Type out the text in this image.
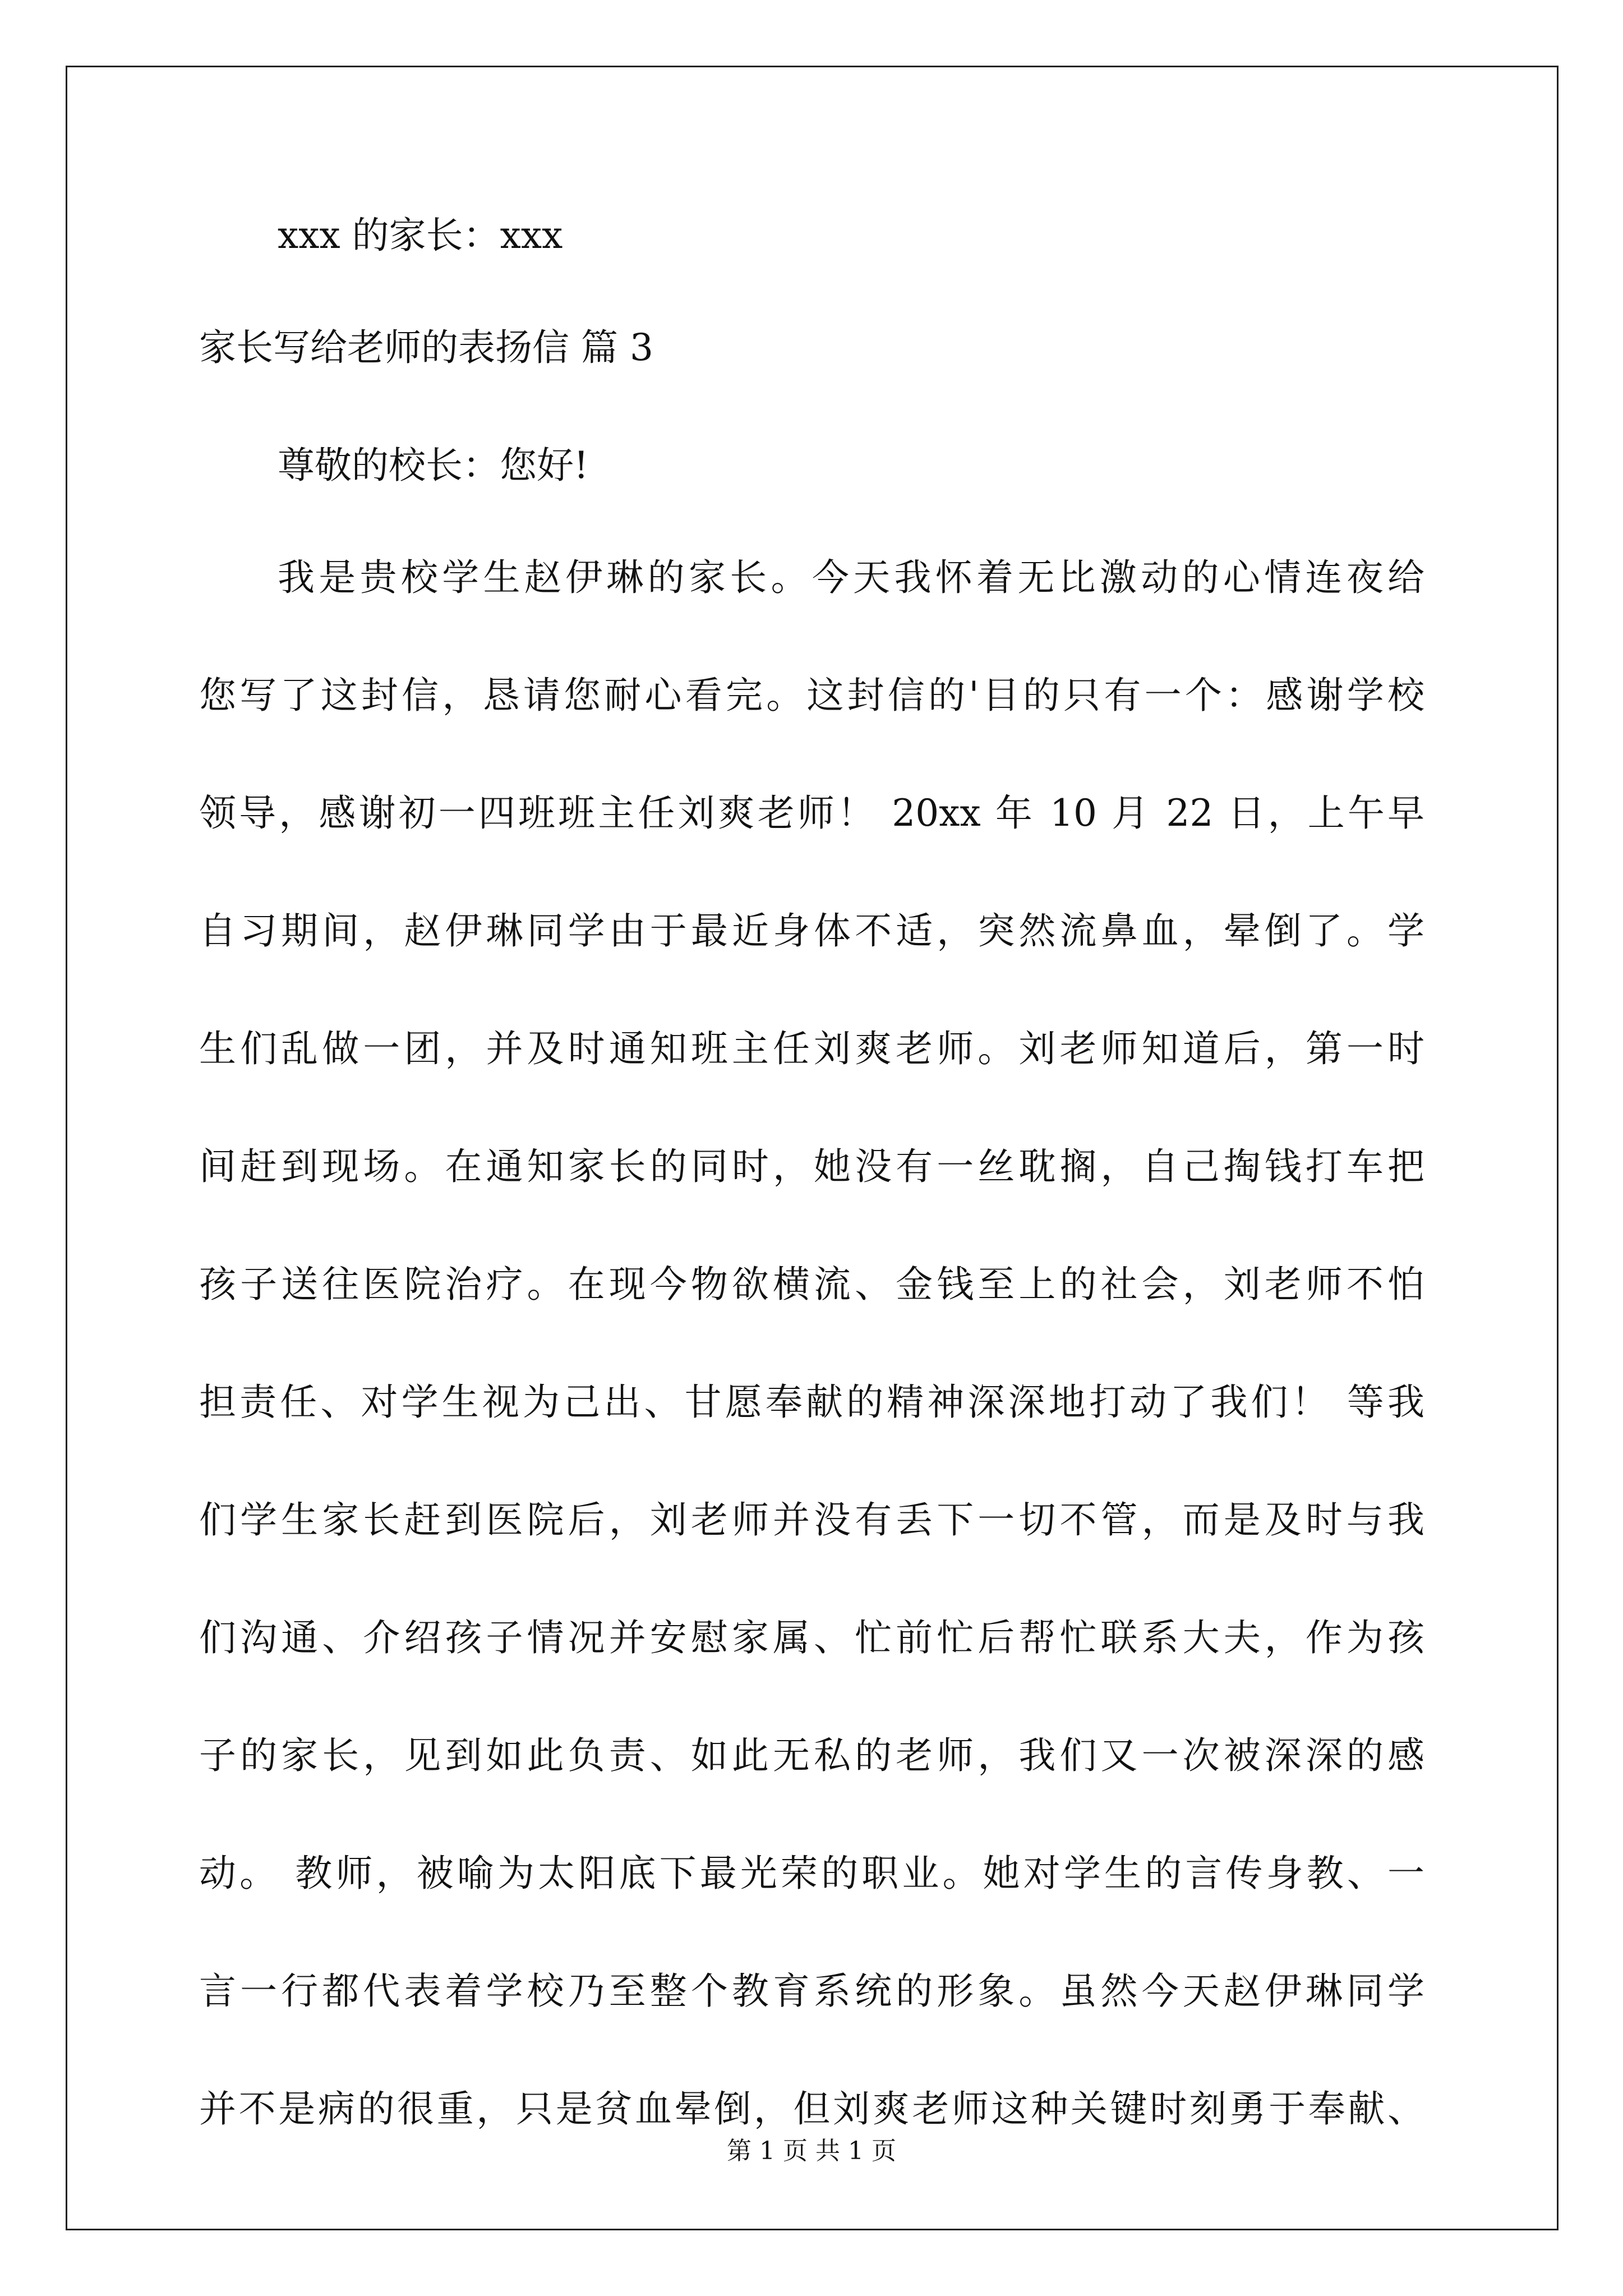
xxx 的家长：xxx
家长写给老师的表扬信 篇 3
尊敬的校长：您好!
我是贵校学生赵伊琳的家长。今天我怀着无比激动的心情连夜给
您写了这封信，恳请您耐心看完。这封信的'目的只有一个：感谢学校
领导，感谢初一四班班主任刘爽老师！ 20xx 年 10 月 22 日，上午早
自习期间，赵伊琳同学由于最近身体不适，突然流鼻血，晕倒了。学
生们乱做一团，并及时通知班主任刘爽老师。刘老师知道后，第一时
间赶到现场。在通知家长的同时，她没有一丝耽搁，自己掏钱打车把
孩子送往医院治疗。在现今物欲横流、金钱至上的社会，刘老师不怕
担责任、对学生视为己出、甘愿奉献的精神深深地打动了我们！ 等我
们学生家长赶到医院后，刘老师并没有丢下一切不管，而是及时与我
们沟通、介绍孩子情况并安慰家属、忙前忙后帮忙联系大夫，作为孩
子的家长，见到如此负责、如此无私的老师，我们又一次被深深的感
动。 教师，被喻为太阳底下最光荣的职业。她对学生的言传身教、一
言一行都代表着学校乃至整个教育系统的形象。虽然今天赵伊琳同学
并不是病的很重，只是贫血晕倒，但刘爽老师这种关键时刻勇于奉献、
第 1 页 共 1 页
